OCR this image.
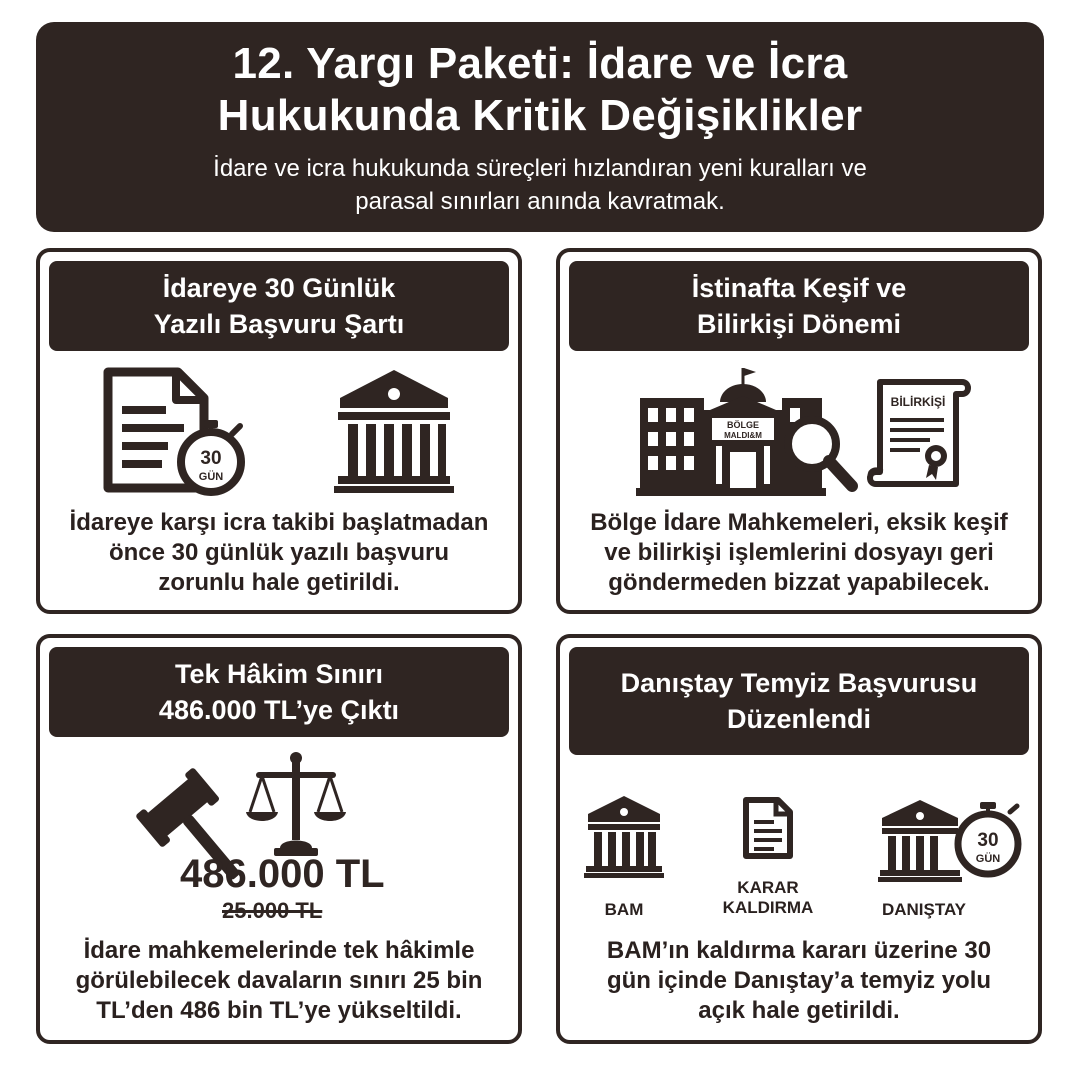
12. Yargı Paketi: İdare ve İcra
Hukukunda Kritik Değişiklikler
İdare ve icra hukukunda süreçleri hızlandıran yeni kuralları ve
parasal sınırları anında kavratmak.
İdareye 30 Günlük
Yazılı Başvuru Şartı
30
GÜN
İdareye karşı icra takibi başlatmadan
önce 30 günlük yazılı başvuru
zorunlu hale getirildi.
İstinafta Keşif ve
Bilirkişi Dönemi
BÖLGE
MALDI&M
BİLİRKİŞİ
Bölge İdare Mahkemeleri, eksik keşif
ve bilirkişi işlemlerini dosyayı geri
göndermeden bizzat yapabilecek.
Tek Hâkim Sınırı
486.000 TL’ye Çıktı
486.000 TL
25.000 TL
İdare mahkemelerinde tek hâkimle
görülebilecek davaların sınırı 25 bin
TL’den 486 bin TL’ye yükseltildi.
Danıştay Temyiz Başvurusu
Düzenlendi
BAM
KARAR
KALDIRMA
30
GÜN
DANIŞTAY
BAM’ın kaldırma kararı üzerine 30
gün içinde Danıştay’a temyiz yolu
açık hale getirildi.
